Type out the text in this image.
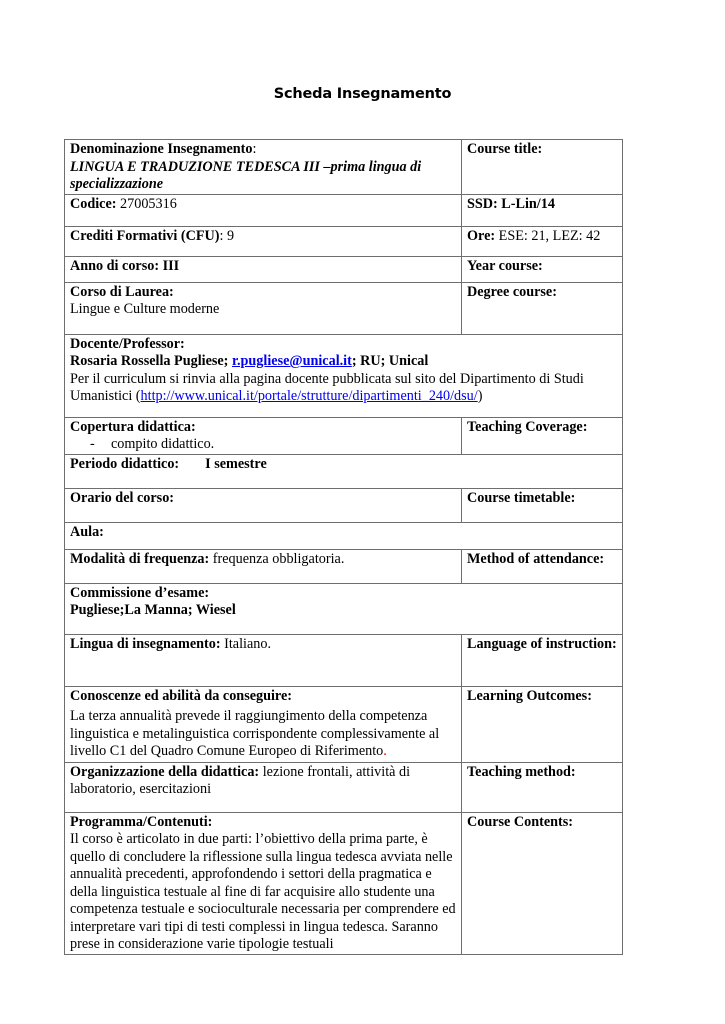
Scheda Insegnamento
Denominazione Insegnamento:
LINGUA E TRADUZIONE TEDESCA III –prima lingua di specializzazione	Course title:
Codice: 27005316	SSD: L-Lin/14
Crediti Formativi (CFU): 9	Ore: ESE: 21, LEZ: 42
Anno di corso: III	Year course:
Corso di Laurea:
Lingue e Culture moderne	Degree course:
Docente/Professor:
Rosaria Rossella Pugliese; r.pugliese@unical.it; RU; Unical
Per il curriculum si rinvia alla pagina docente pubblicata sul sito del Dipartimento di Studi Umanistici (http://www.unical.it/portale/strutture/dipartimenti_240/dsu/)	
Copertura didattica:

- compito didattico.	Teaching Coverage:
Periodo didattico: I semestre	
Orario del corso:	Course timetable:
Aula:	
Modalità di frequenza: frequenza obbligatoria.	Method of attendance:
Commissione d’esame:
Pugliese;La Manna; Wiesel	
Lingua di insegnamento: Italiano.	Language of instruction:
Conoscenze ed abilità da conseguire:
La terza annualità prevede il raggiungimento della competenza linguistica e metalinguistica corrispondente complessivamente al livello C1 del Quadro Comune Europeo di Riferimento.	Learning Outcomes:
Organizzazione della didattica: lezione frontali, attività di laboratorio, esercitazioni	Teaching method:
Programma/Contenuti:
Il corso è articolato in due parti: l’obiettivo della prima parte, è quello di concludere la riflessione sulla lingua tedesca avviata nelle annualità precedenti, approfondendo i settori della pragmatica e della linguistica testuale al fine di far acquisire allo studente una competenza testuale e socioculturale necessaria per comprendere ed interpretare vari tipi di testi complessi in lingua tedesca. Saranno prese in considerazione varie tipologie testuali	Course Contents:
